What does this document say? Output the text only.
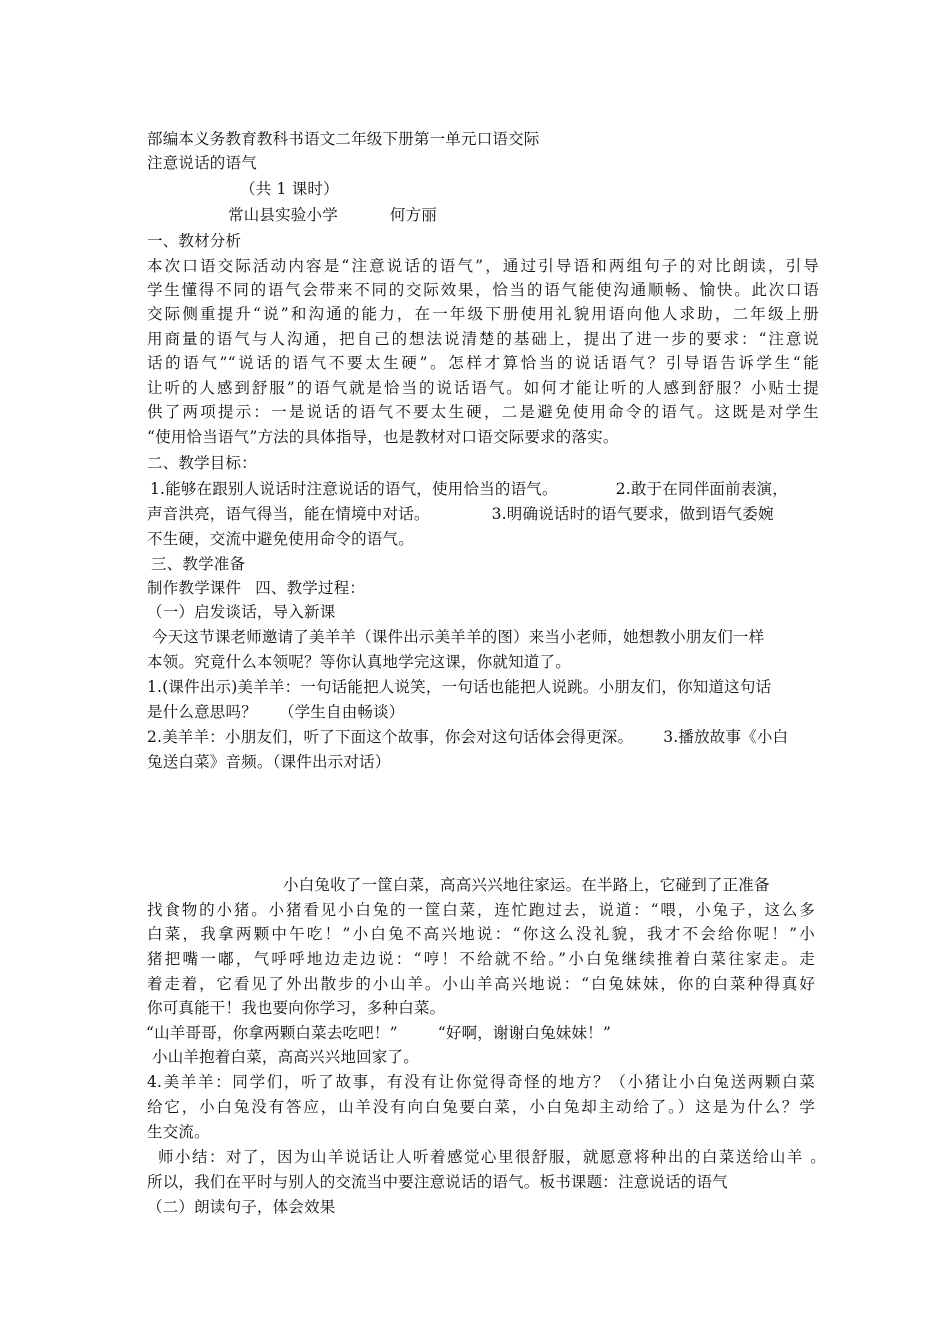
部编本义务教育教科书语文二年级下册第一单元口语交际
注意说话的语气
（共 1 课时）
常山县实验小学	何方丽
一、教材分析
本次口语交际活动内容是“注意说话的语气”，通过引导语和两组句子的对比朗读，引导
学生懂得不同的语气会带来不同的交际效果，恰当的语气能使沟通顺畅、愉快。此次口语
交际侧重提升“说”和沟通的能力，在一年级下册使用礼貌用语向他人求助，二年级上册
用商量的语气与人沟通，把自己的想法说清楚的基础上，提出了进一步的要求：“注意说
话的语气”“说话的语气不要太生硬”。怎样才算恰当的说话语气？引导语告诉学生“能
让听的人感到舒服”的语气就是恰当的说话语气。如何才能让听的人感到舒服？小贴士提
供了两项提示：一是说话的语气不要太生硬，二是避免使用命令的语气。这既是对学生
“使用恰当语气”方法的具体指导，也是教材对口语交际要求的落实。
二、教学目标：
1.能够在跟别人说话时注意说话的语气，使用恰当的语气。	2.敢于在同伴面前表演，
声音洪亮，语气得当，能在情境中对话。	3.明确说话时的语气要求，做到语气委婉
不生硬，交流中避免使用命令的语气。
三、教学准备
制作教学课件 四、教学过程：
（一）启发谈话，导入新课
今天这节课老师邀请了美羊羊（课件出示美羊羊的图）来当小老师，她想教小朋友们一样
本领。究竟什么本领呢？等你认真地学完这课，你就知道了。
1.(课件出示)美羊羊：一句话能把人说笑，一句话也能把人说跳。小朋友们，你知道这句话
是什么意思吗？ （学生自由畅谈）
2.美羊羊：小朋友们，听了下面这个故事，你会对这句话体会得更深。 3.播放故事《小白
兔送白菜》音频。（课件出示对话）
小白兔收了一筐白菜，高高兴兴地往家运。在半路上，它碰到了正准备
找食物的小猪。小猪看见小白兔的一筐白菜，连忙跑过去，说道：“喂，小兔子，这么多
白菜，我拿两颗中午吃！”小白兔不高兴地说：“你这么没礼貌，我才不会给你呢！”小
猪把嘴一嘟，气呼呼地边走边说：“哼！不给就不给。”小白兔继续推着白菜往家走。走
着走着，它看见了外出散步的小山羊。小山羊高兴地说：“白兔妹妹，你的白菜种得真好
你可真能干！我也要向你学习，多种白菜。
“山羊哥哥，你拿两颗白菜去吃吧！”	“好啊，谢谢白兔妹妹！”
小山羊抱着白菜，高高兴兴地回家了。
4.美羊羊：同学们，听了故事，有没有让你觉得奇怪的地方？（小猪让小白兔送两颗白菜
给它，小白兔没有答应，山羊没有向白兔要白菜，小白兔却主动给了。）这是为什么？学
生交流。
师小结：对了，因为山羊说话让人听着感觉心里很舒服，就愿意将种出的白菜送给山羊 。
所以，我们在平时与别人的交流当中要注意说话的语气。板书课题：注意说话的语气
（二）朗读句子，体会效果
